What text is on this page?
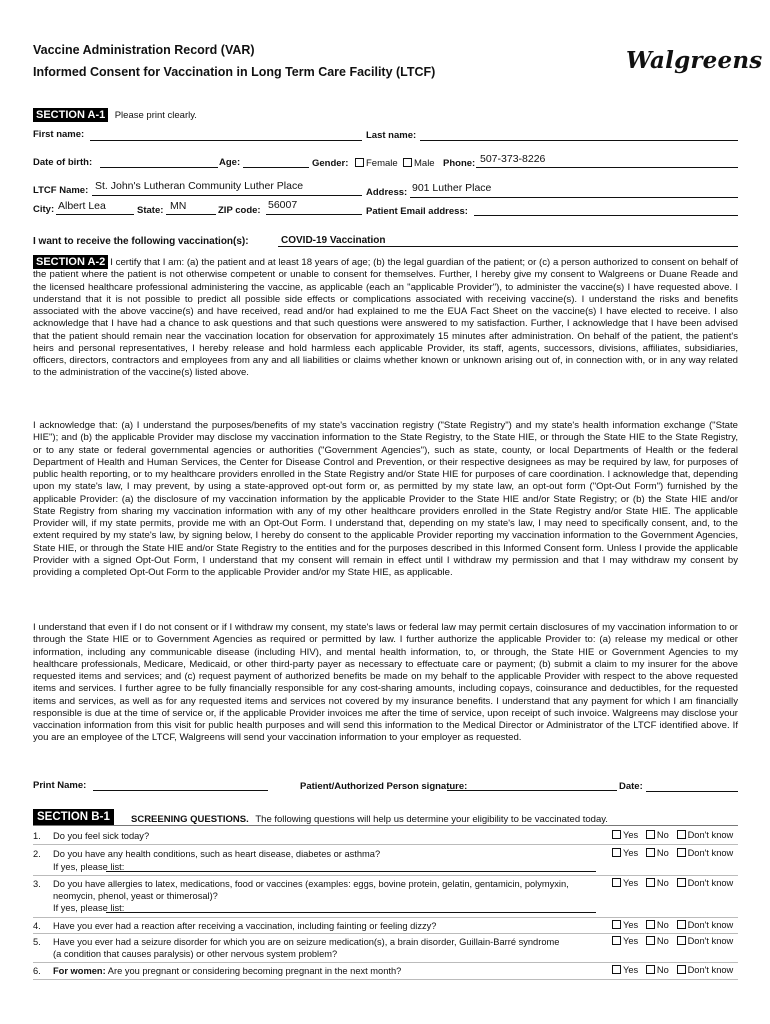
Vaccine Administration Record (VAR)
Informed Consent for Vaccination in Long Term Care Facility (LTCF)	Walgreens
SECTION A-1 Please print clearly.
First name:	Last name:
Date of birth:	Age:	Gender:	Female	Male Phone: 507-373-8226
LTCF Name: St. John's Lutheran Community Luther Place
Address: 901 Luther Place
City: Albert Lea	State: MN	ZIP code: 56007
Patient Email address:
I want to receive the following vaccination(s):	COVID-19 Vaccination

SECTION A-2 I certify that I am: (a) the patient and at least 18 years of age; (b) the legal guardian of the patient; or (c) a person authorized to consent on behalf of the patient where the patient is not otherwise competent or unable to consent for themselves. Further, I hereby give my consent to Walgreens or Duane Reade and the licensed healthcare professional administering the vaccine, as applicable (each an "applicable Provider"), to administer the vaccine(s) I have requested above. I understand that it is not possible to predict all possible side effects or complications associated with receiving vaccine(s). I understand the risks and benefits associated with the above vaccine(s) and have received, read and/or had explained to me the EUA Fact Sheet on the vaccine(s) I have elected to receive. I also acknowledge that I have had a chance to ask questions and that such questions were answered to my satisfaction. Further, I acknowledge that I have been advised that the patient should remain near the vaccination location for observation for approximately 15 minutes after administration. On behalf of the patient, the patient's heirs and personal representatives, I hereby release and hold harmless each applicable Provider, its staff, agents, successors, divisions, affiliates, subsidiaries, officers, directors, contractors and employees from any and all liabilities or claims whether known or unknown arising out of, in connection with, or in any way related to the administration of the vaccine(s) listed above.

I acknowledge that: (a) I understand the purposes/benefits of my state's vaccination registry ("State Registry") and my state's health information exchange ("State HIE"); and (b) the applicable Provider may disclose my vaccination information to the State Registry, to the State HIE, or through the State HIE to the State Registry, or to any state or federal governmental agencies or authorities ("Government Agencies"), such as state, county, or local Departments of Health or the federal Department of Health and Human Services, the Center for Disease Control and Prevention, or their respective designees as may be required by law, for purposes of public health reporting, or to my healthcare providers enrolled in the State Registry and/or State HIE for purposes of care coordination. I acknowledge that, depending upon my state's law, I may prevent, by using a state-approved opt-out form or, as permitted by my state law, an opt-out form ("Opt-Out Form") furnished by the applicable Provider: (a) the disclosure of my vaccination information by the applicable Provider to the State HIE and/or State Registry; or (b) the State HIE and/or State Registry from sharing my vaccination information with any of my other healthcare providers enrolled in the State Registry and/or State HIE. The applicable Provider will, if my state permits, provide me with an Opt-Out Form. I understand that, depending on my state's law, I may need to specifically consent, and, to the extent required by my state's law, by signing below, I hereby do consent to the applicable Provider reporting my vaccination information to the Government Agencies, State HIE, or through the State HIE and/or State Registry to the entities and for the purposes described in this Informed Consent form. Unless I provide the applicable Provider with a signed Opt-Out Form, I understand that my consent will remain in effect until I withdraw my permission and that I may withdraw my consent by providing a completed Opt-Out Form to the applicable Provider and/or my State HIE, as applicable.

I understand that even if I do not consent or if I withdraw my consent, my state's laws or federal law may permit certain disclosures of my vaccination information to or through the State HIE or to Government Agencies as required or permitted by law. I further authorize the applicable Provider to: (a) release my medical or other information, including any communicable disease (including HIV), and mental health information, to, or through, the State HIE or Government Agencies to my healthcare professionals, Medicare, Medicaid, or other third-party payer as necessary to effectuate care or payment; (b) submit a claim to my insurer for the above requested items and services; and (c) request payment of authorized benefits be made on my behalf to the applicable Provider with respect to the above requested items and services. I further agree to be fully financially responsible for any cost-sharing amounts, including copays, coinsurance and deductibles, for the requested items and services, as well as for any requested items and services not covered by my insurance benefits. I understand that any payment for which I am financially responsible is due at the time of service or, if the applicable Provider invoices me after the time of service, upon receipt of such invoice. Walgreens may disclose your vaccination information from this visit for public health purposes and will send this information to the Medical Director or Administrator of the LTCF identified above. If you are an employee of the LTCF, Walgreens will send your vaccination information to your employer as requested.

Print Name:	Patient/Authorized Person signature:	Date:
SECTION B-1	SCREENING QUESTIONS. The following questions will help us determine your eligibility to be vaccinated today.
1. Do you feel sick today?	Yes No Don't know
2. Do you have any health conditions, such as heart disease, diabetes or asthma?
If yes, please list:
Yes No Don't know
3. Do you have allergies to latex, medications, food or vaccines (examples: eggs, bovine protein, gelatin, gentamicin, polymyxin,
neomycin, phenol, yeast or thimerosal)?
If yes, please list:
Yes No Don't know
4. Have you ever had a reaction after receiving a vaccination, including fainting or feeling dizzy?	Yes No Don't know
5. Have you ever had a seizure disorder for which you are on seizure medication(s), a brain disorder, Guillain-Barré syndrome
(a condition that causes paralysis) or other nervous system problem?
Yes No Don't know
6. For women: Are you pregnant or considering becoming pregnant in the next month?	Yes No Don't know
